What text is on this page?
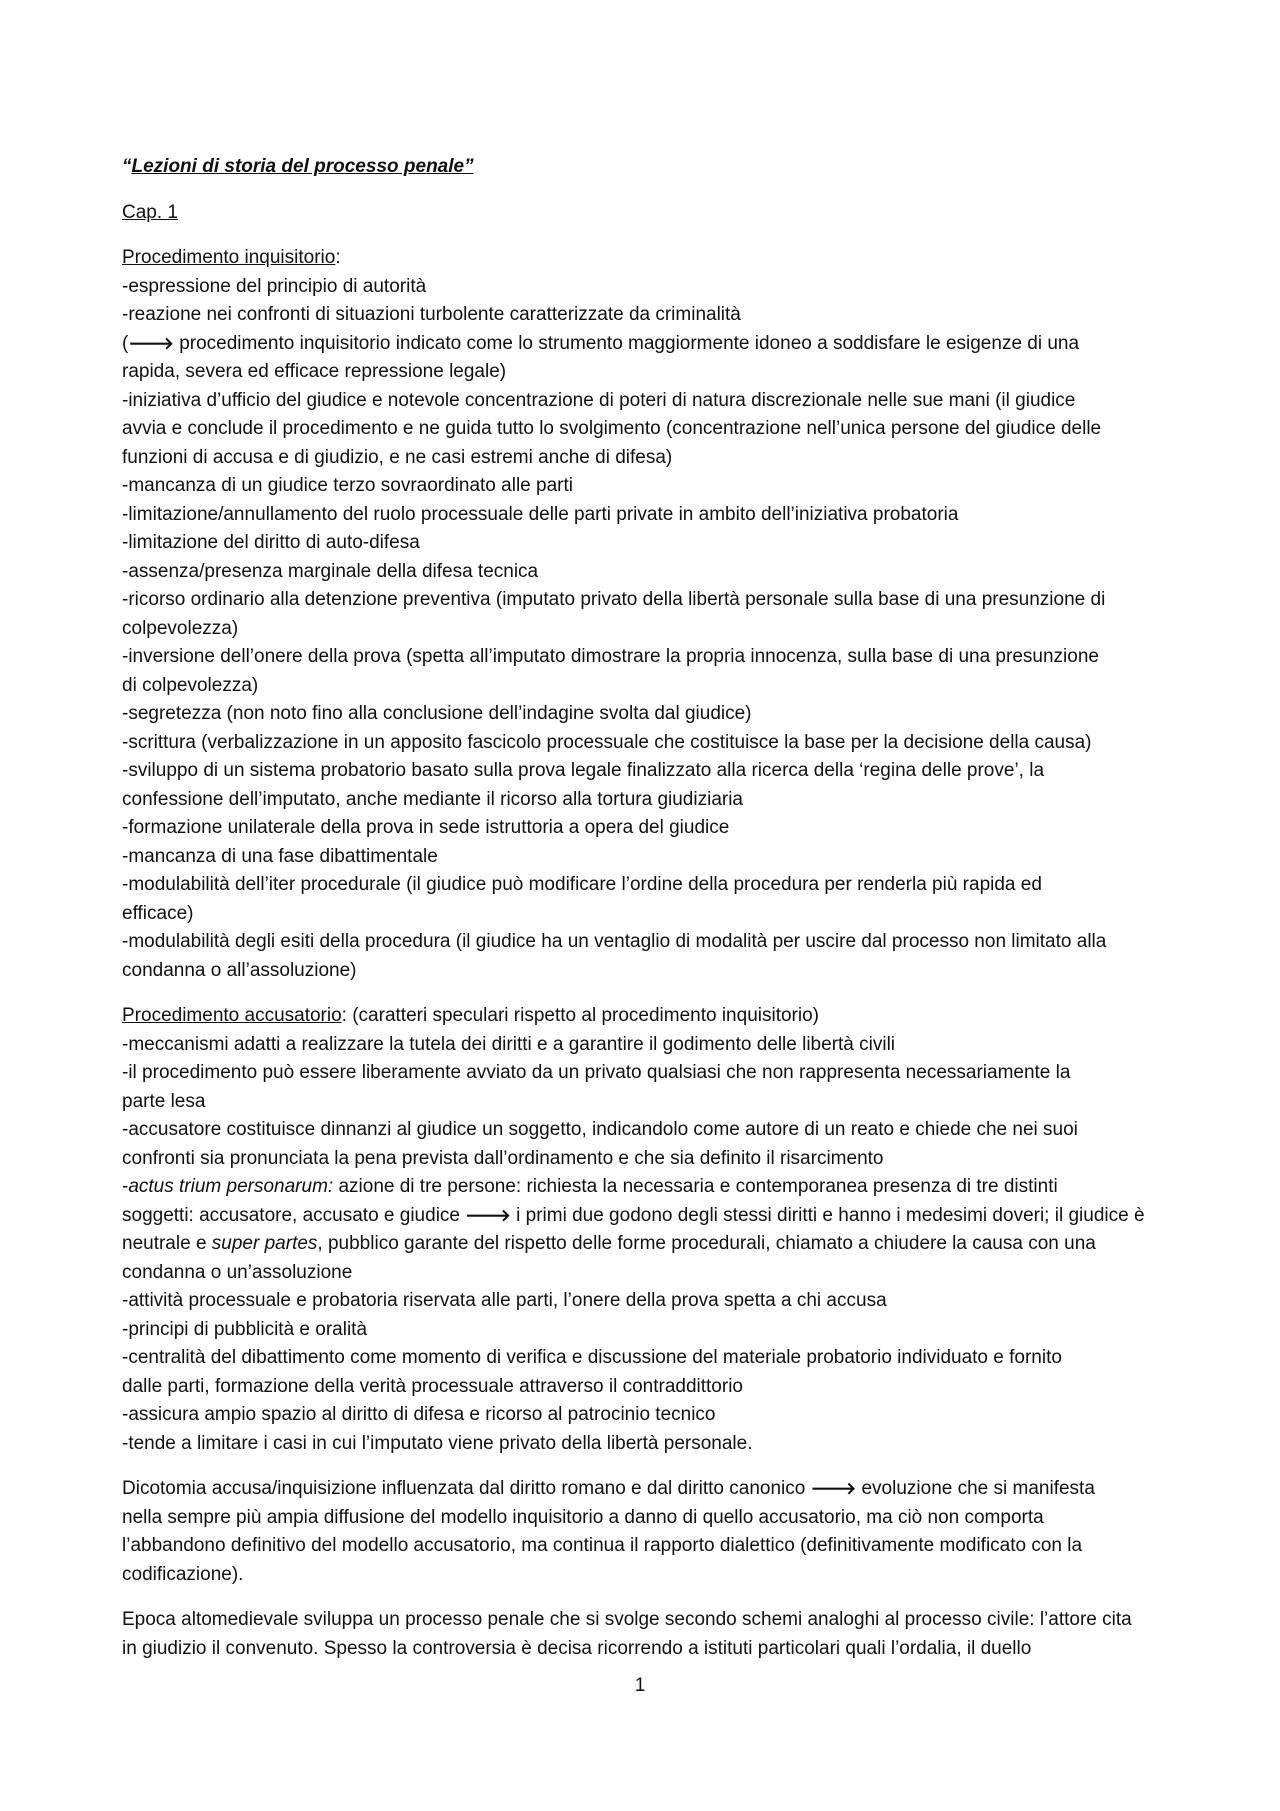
“Lezioni di storia del processo penale”
Cap. 1
Procedimento inquisitorio:
-espressione del principio di autorità
-reazione nei confronti di situazioni turbolente caratterizzate da criminalità
(🡒 procedimento inquisitorio indicato come lo strumento maggiormente idoneo a soddisfare le esigenze di una
rapida, severa ed efficace repressione legale)
-iniziativa d’ufficio del giudice e notevole concentrazione di poteri di natura discrezionale nelle sue mani (il giudice
avvia e conclude il procedimento e ne guida tutto lo svolgimento (concentrazione nell’unica persone del giudice delle
funzioni di accusa e di giudizio, e ne casi estremi anche di difesa)
-mancanza di un giudice terzo sovraordinato alle parti
-limitazione/annullamento del ruolo processuale delle parti private in ambito dell’iniziativa probatoria
-limitazione del diritto di auto-difesa
-assenza/presenza marginale della difesa tecnica
-ricorso ordinario alla detenzione preventiva (imputato privato della libertà personale sulla base di una presunzione di
colpevolezza)
-inversione dell’onere della prova (spetta all’imputato dimostrare la propria innocenza, sulla base di una presunzione
di colpevolezza)
-segretezza (non noto fino alla conclusione dell’indagine svolta dal giudice)
-scrittura (verbalizzazione in un apposito fascicolo processuale che costituisce la base per la decisione della causa)
-sviluppo di un sistema probatorio basato sulla prova legale finalizzato alla ricerca della ‘regina delle prove’, la
confessione dell’imputato, anche mediante il ricorso alla tortura giudiziaria
-formazione unilaterale della prova in sede istruttoria a opera del giudice
-mancanza di una fase dibattimentale
-modulabilità dell’iter procedurale (il giudice può modificare l’ordine della procedura per renderla più rapida ed
efficace)
-modulabilità degli esiti della procedura (il giudice ha un ventaglio di modalità per uscire dal processo non limitato alla
condanna o all’assoluzione)
Procedimento accusatorio: (caratteri speculari rispetto al procedimento inquisitorio)
-meccanismi adatti a realizzare la tutela dei diritti e a garantire il godimento delle libertà civili
-il procedimento può essere liberamente avviato da un privato qualsiasi che non rappresenta necessariamente la
parte lesa
-accusatore costituisce dinnanzi al giudice un soggetto, indicandolo come autore di un reato e chiede che nei suoi
confronti sia pronunciata la pena prevista dall’ordinamento e che sia definito il risarcimento
-actus trium personarum: azione di tre persone: richiesta la necessaria e contemporanea presenza di tre distinti
soggetti: accusatore, accusato e giudice 🡒 i primi due godono degli stessi diritti e hanno i medesimi doveri; il giudice è
neutrale e super partes, pubblico garante del rispetto delle forme procedurali, chiamato a chiudere la causa con una
condanna o un’assoluzione
-attività processuale e probatoria riservata alle parti, l’onere della prova spetta a chi accusa
-principi di pubblicità e oralità
-centralità del dibattimento come momento di verifica e discussione del materiale probatorio individuato e fornito
dalle parti, formazione della verità processuale attraverso il contraddittorio
-assicura ampio spazio al diritto di difesa e ricorso al patrocinio tecnico
-tende a limitare i casi in cui l’imputato viene privato della libertà personale.
Dicotomia accusa/inquisizione influenzata dal diritto romano e dal diritto canonico 🡒 evoluzione che si manifesta
nella sempre più ampia diffusione del modello inquisitorio a danno di quello accusatorio, ma ciò non comporta
l’abbandono definitivo del modello accusatorio, ma continua il rapporto dialettico (definitivamente modificato con la
codificazione).
Epoca altomedievale sviluppa un processo penale che si svolge secondo schemi analoghi al processo civile: l’attore cita
in giudizio il convenuto. Spesso la controversia è decisa ricorrendo a istituti particolari quali l’ordalia, il duello
1
